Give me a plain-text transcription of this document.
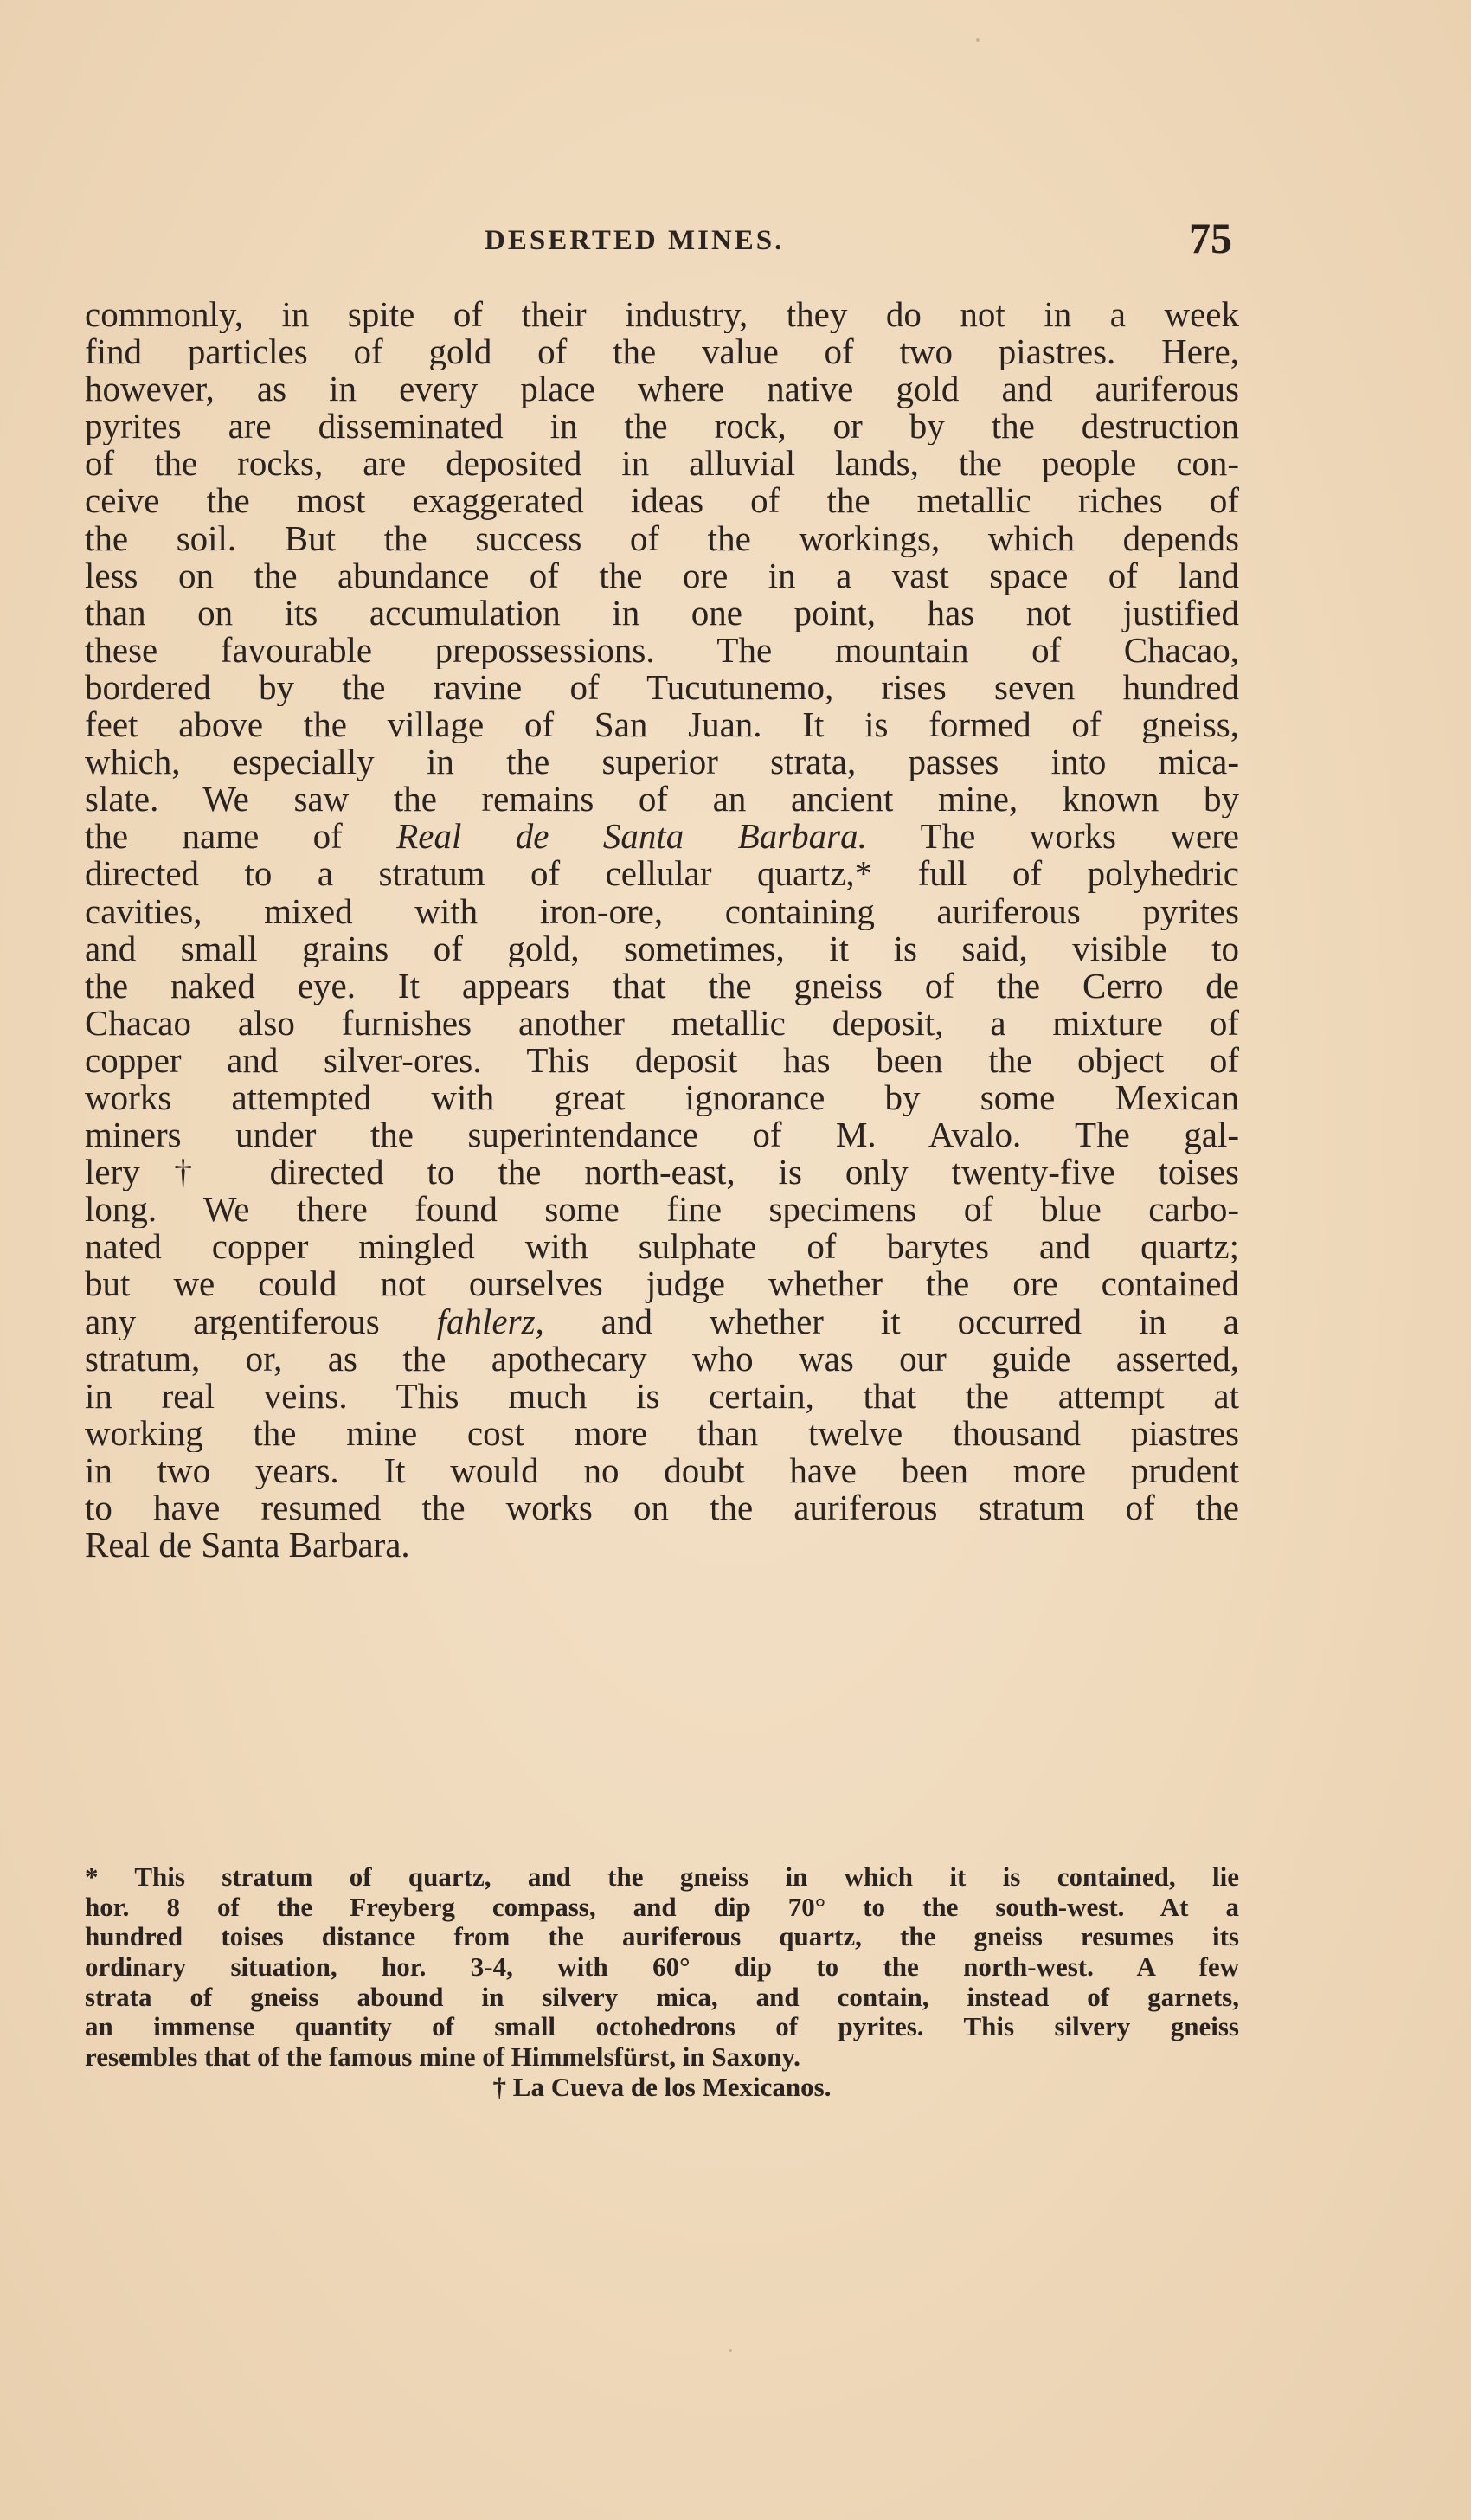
DESERTED MINES.	75
commonly, in spite of their industry, they do not in a week
find particles of gold of the value of two piastres. Here,
however, as in every place where native gold and auriferous
pyrites are disseminated in the rock, or by the destruction
of the rocks, are deposited in alluvial lands, the people con-
ceive the most exaggerated ideas of the metallic riches of
the soil. But the success of the workings, which depends
less on the abundance of the ore in a vast space of land
than on its accumulation in one point, has not justified
these favourable prepossessions. The mountain of Chacao,
bordered by the ravine of Tucutunemo, rises seven hundred
feet above the village of San Juan. It is formed of gneiss,
which, especially in the superior strata, passes into mica-
slate. We saw the remains of an ancient mine, known by
the name of Real de Santa Barbara. The works were
directed to a stratum of cellular quartz,* full of polyhedric
cavities, mixed with iron-ore, containing auriferous pyrites
and small grains of gold, sometimes, it is said, visible to
the naked eye. It appears that the gneiss of the Cerro de
Chacao also furnishes another metallic deposit, a mixture of
copper and silver-ores. This deposit has been the object of
works attempted with great ignorance by some Mexican
miners under the superintendance of M. Avalo. The gal-
lery† directed to the north-east, is only twenty-five toises
long. We there found some fine specimens of blue carbo-
nated copper mingled with sulphate of barytes and quartz;
but we could not ourselves judge whether the ore contained
any argentiferous fahlerz, and whether it occurred in a
stratum, or, as the apothecary who was our guide asserted,
in real veins. This much is certain, that the attempt at
working the mine cost more than twelve thousand piastres
in two years. It would no doubt have been more prudent
to have resumed the works on the auriferous stratum of the
Real de Santa Barbara.
* This stratum of quartz, and the gneiss in which it is contained, lie
hor. 8 of the Freyberg compass, and dip 70° to the south-west. At a
hundred toises distance from the auriferous quartz, the gneiss resumes its
ordinary situation, hor. 3-4, with 60° dip to the north-west. A few
strata of gneiss abound in silvery mica, and contain, instead of garnets,
an immense quantity of small octohedrons of pyrites. This silvery gneiss
resembles that of the famous mine of Himmelsfürst, in Saxony.
† La Cueva de los Mexicanos.
